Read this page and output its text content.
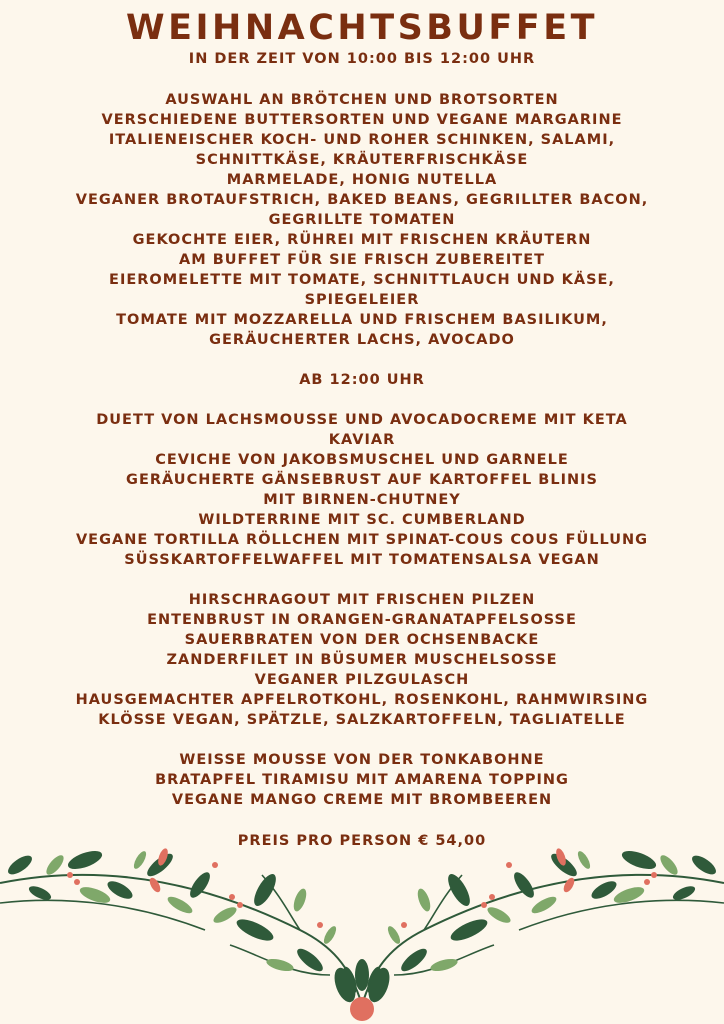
WEIHNACHTSBUFFET
IN DER ZEIT VON 10:00 BIS 12:00 UHR
AUSWAHL AN BRÖTCHEN UND BROTSORTEN
VERSCHIEDENE BUTTERSORTEN UND VEGANE MARGARINE
ITALIENEISCHER KOCH- UND ROHER SCHINKEN, SALAMI,
SCHNITTKÄSE, KRÄUTERFRISCHKÄSE
MARMELADE, HONIG NUTELLA
VEGANER BROTAUFSTRICH, BAKED BEANS, GEGRILLTER BACON,
GEGRILLTE TOMATEN
GEKOCHTE EIER, RÜHREI MIT FRISCHEN KRÄUTERN
AM BUFFET FÜR SIE FRISCH ZUBEREITET
EIEROMELETTE MIT TOMATE, SCHNITTLAUCH UND KÄSE,
SPIEGELEIER
TOMATE MIT MOZZARELLA UND FRISCHEM BASILIKUM,
GERÄUCHERTER LACHS, AVOCADO
AB 12:00 UHR
DUETT VON LACHSMOUSSE UND AVOCADOCREME MIT KETA
KAVIAR
CEVICHE VON JAKOBSMUSCHEL UND GARNELE
GERÄUCHERTE GÄNSEBRUST AUF KARTOFFEL BLINIS
MIT BIRNEN-CHUTNEY
WILDTERRINE MIT SC. CUMBERLAND
VEGANE TORTILLA RÖLLCHEN MIT SPINAT-COUS COUS FÜLLUNG
SÜSSKARTOFFELWAFFEL MIT TOMATENSALSA VEGAN
HIRSCHRAGOUT MIT FRISCHEN PILZEN
ENTENBRUST IN ORANGEN-GRANATAPFELSOSSE
SAUERBRATEN VON DER OCHSENBACKE
ZANDERFILET IN BÜSUMER MUSCHELSOSSE
VEGANER PILZGULASCH
HAUSGEMACHTER APFELROTKOHL, ROSENKOHL, RAHMWIRSING
KLÖSSE VEGAN, SPÄTZLE, SALZKARTOFFELN, TAGLIATELLE
WEISSE MOUSSE VON DER TONKABOHNE
BRATAPFEL TIRAMISU MIT AMARENA TOPPING
VEGANE MANGO CREME MIT BROMBEEREN
PREIS PRO PERSON € 54,00
